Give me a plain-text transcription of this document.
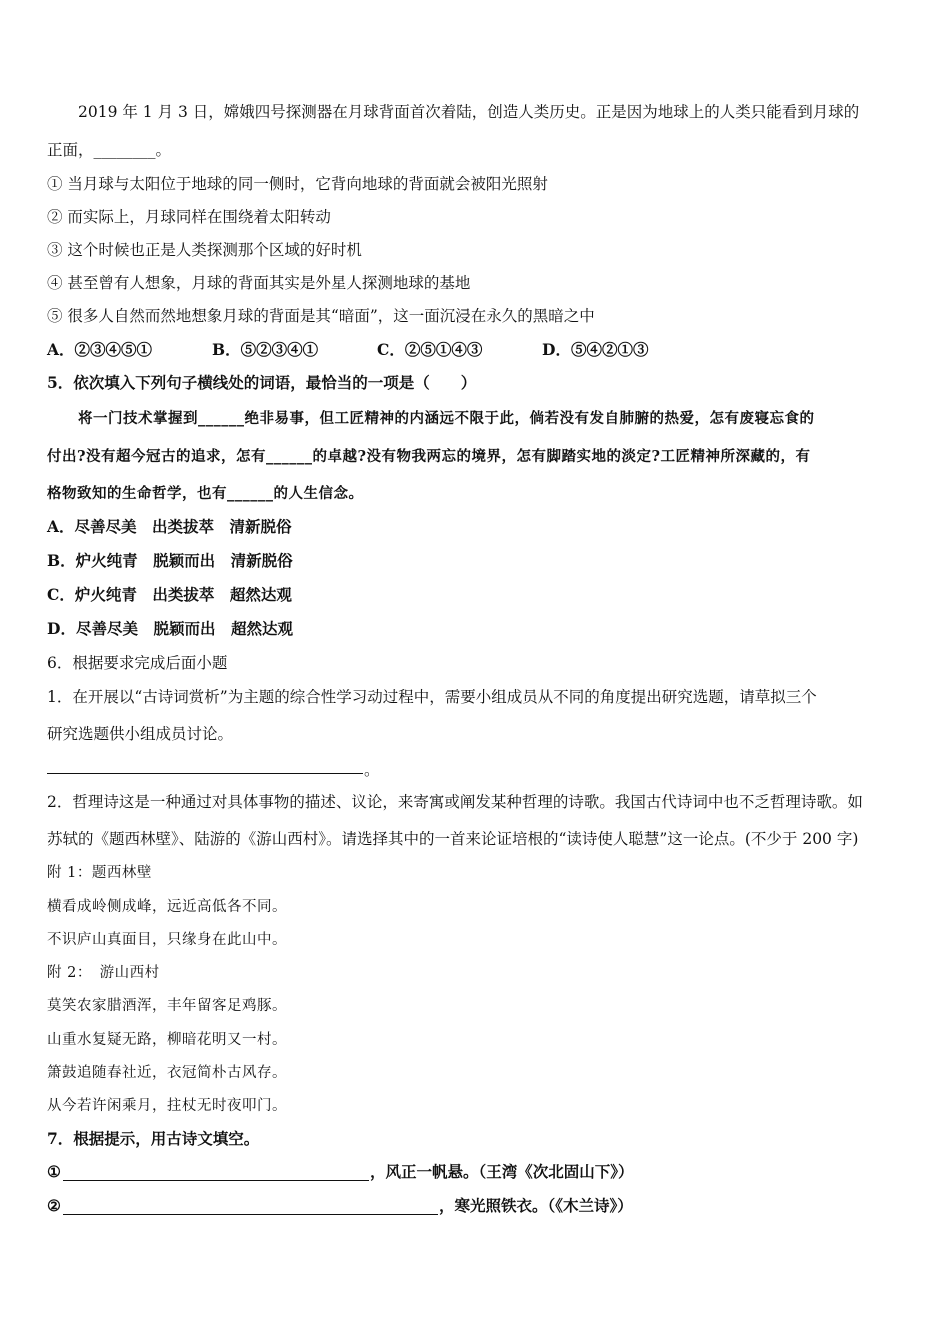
2019 年 1 月 3 日，嫦娥四号探测器在月球背面首次着陆，创造人类历史。正是因为地球上的人类只能看到月球的
正面，________。
① 当月球与太阳位于地球的同一侧时，它背向地球的背面就会被阳光照射
② 而实际上，月球同样在围绕着太阳转动
③ 这个时候也正是人类探测那个区域的好时机
④ 甚至曾有人想象，月球的背面其实是外星人探测地球的基地
⑤ 很多人自然而然地想象月球的背面是其“暗面”，这一面沉浸在永久的黑暗之中
A．②③④⑤①	B．⑤②③④①	C．②⑤①④③	D．⑤④②①③
5．依次填入下列句子横线处的词语，最恰当的一项是（　　）
将一门技术掌握到______绝非易事，但工匠精神的内涵远不限于此，倘若没有发自肺腑的热爱，怎有废寝忘食的
付出?没有超今冠古的追求，怎有______的卓越?没有物我两忘的境界，怎有脚踏实地的淡定?工匠精神所深藏的，有
格物致知的生命哲学，也有______的人生信念。
A．尽善尽美　出类拔萃　清新脱俗
B．炉火纯青　脱颖而出　清新脱俗
C．炉火纯青　出类拔萃　超然达观
D．尽善尽美　脱颖而出　超然达观
6．根据要求完成后面小题
1．在开展以“古诗词赏析”为主题的综合性学习动过程中，需要小组成员从不同的角度提出研究选题，请草拟三个
研究选题供小组成员讨论。
。
2．哲理诗这是一种通过对具体事物的描述、议论，来寄寓或阐发某种哲理的诗歌。我国古代诗词中也不乏哲理诗歌。如
苏轼的《题西林壁》、陆游的《游山西村》。请选择其中的一首来论证培根的“读诗使人聪慧”这一论点。(不少于 200 字)
附 1：题西林壁
横看成岭侧成峰，远近高低各不同。
不识庐山真面目，只缘身在此山中。
附 2：　游山西村
莫笑农家腊酒浑，丰年留客足鸡豚。
山重水复疑无路，柳暗花明又一村。
箫鼓追随春社近，衣冠简朴古风存。
从今若许闲乘月，拄杖无时夜叩门。
7．根据提示，用古诗文填空。
①	，风正一帆悬。（王湾《次北固山下》）
②	，寒光照铁衣。（《木兰诗》）
